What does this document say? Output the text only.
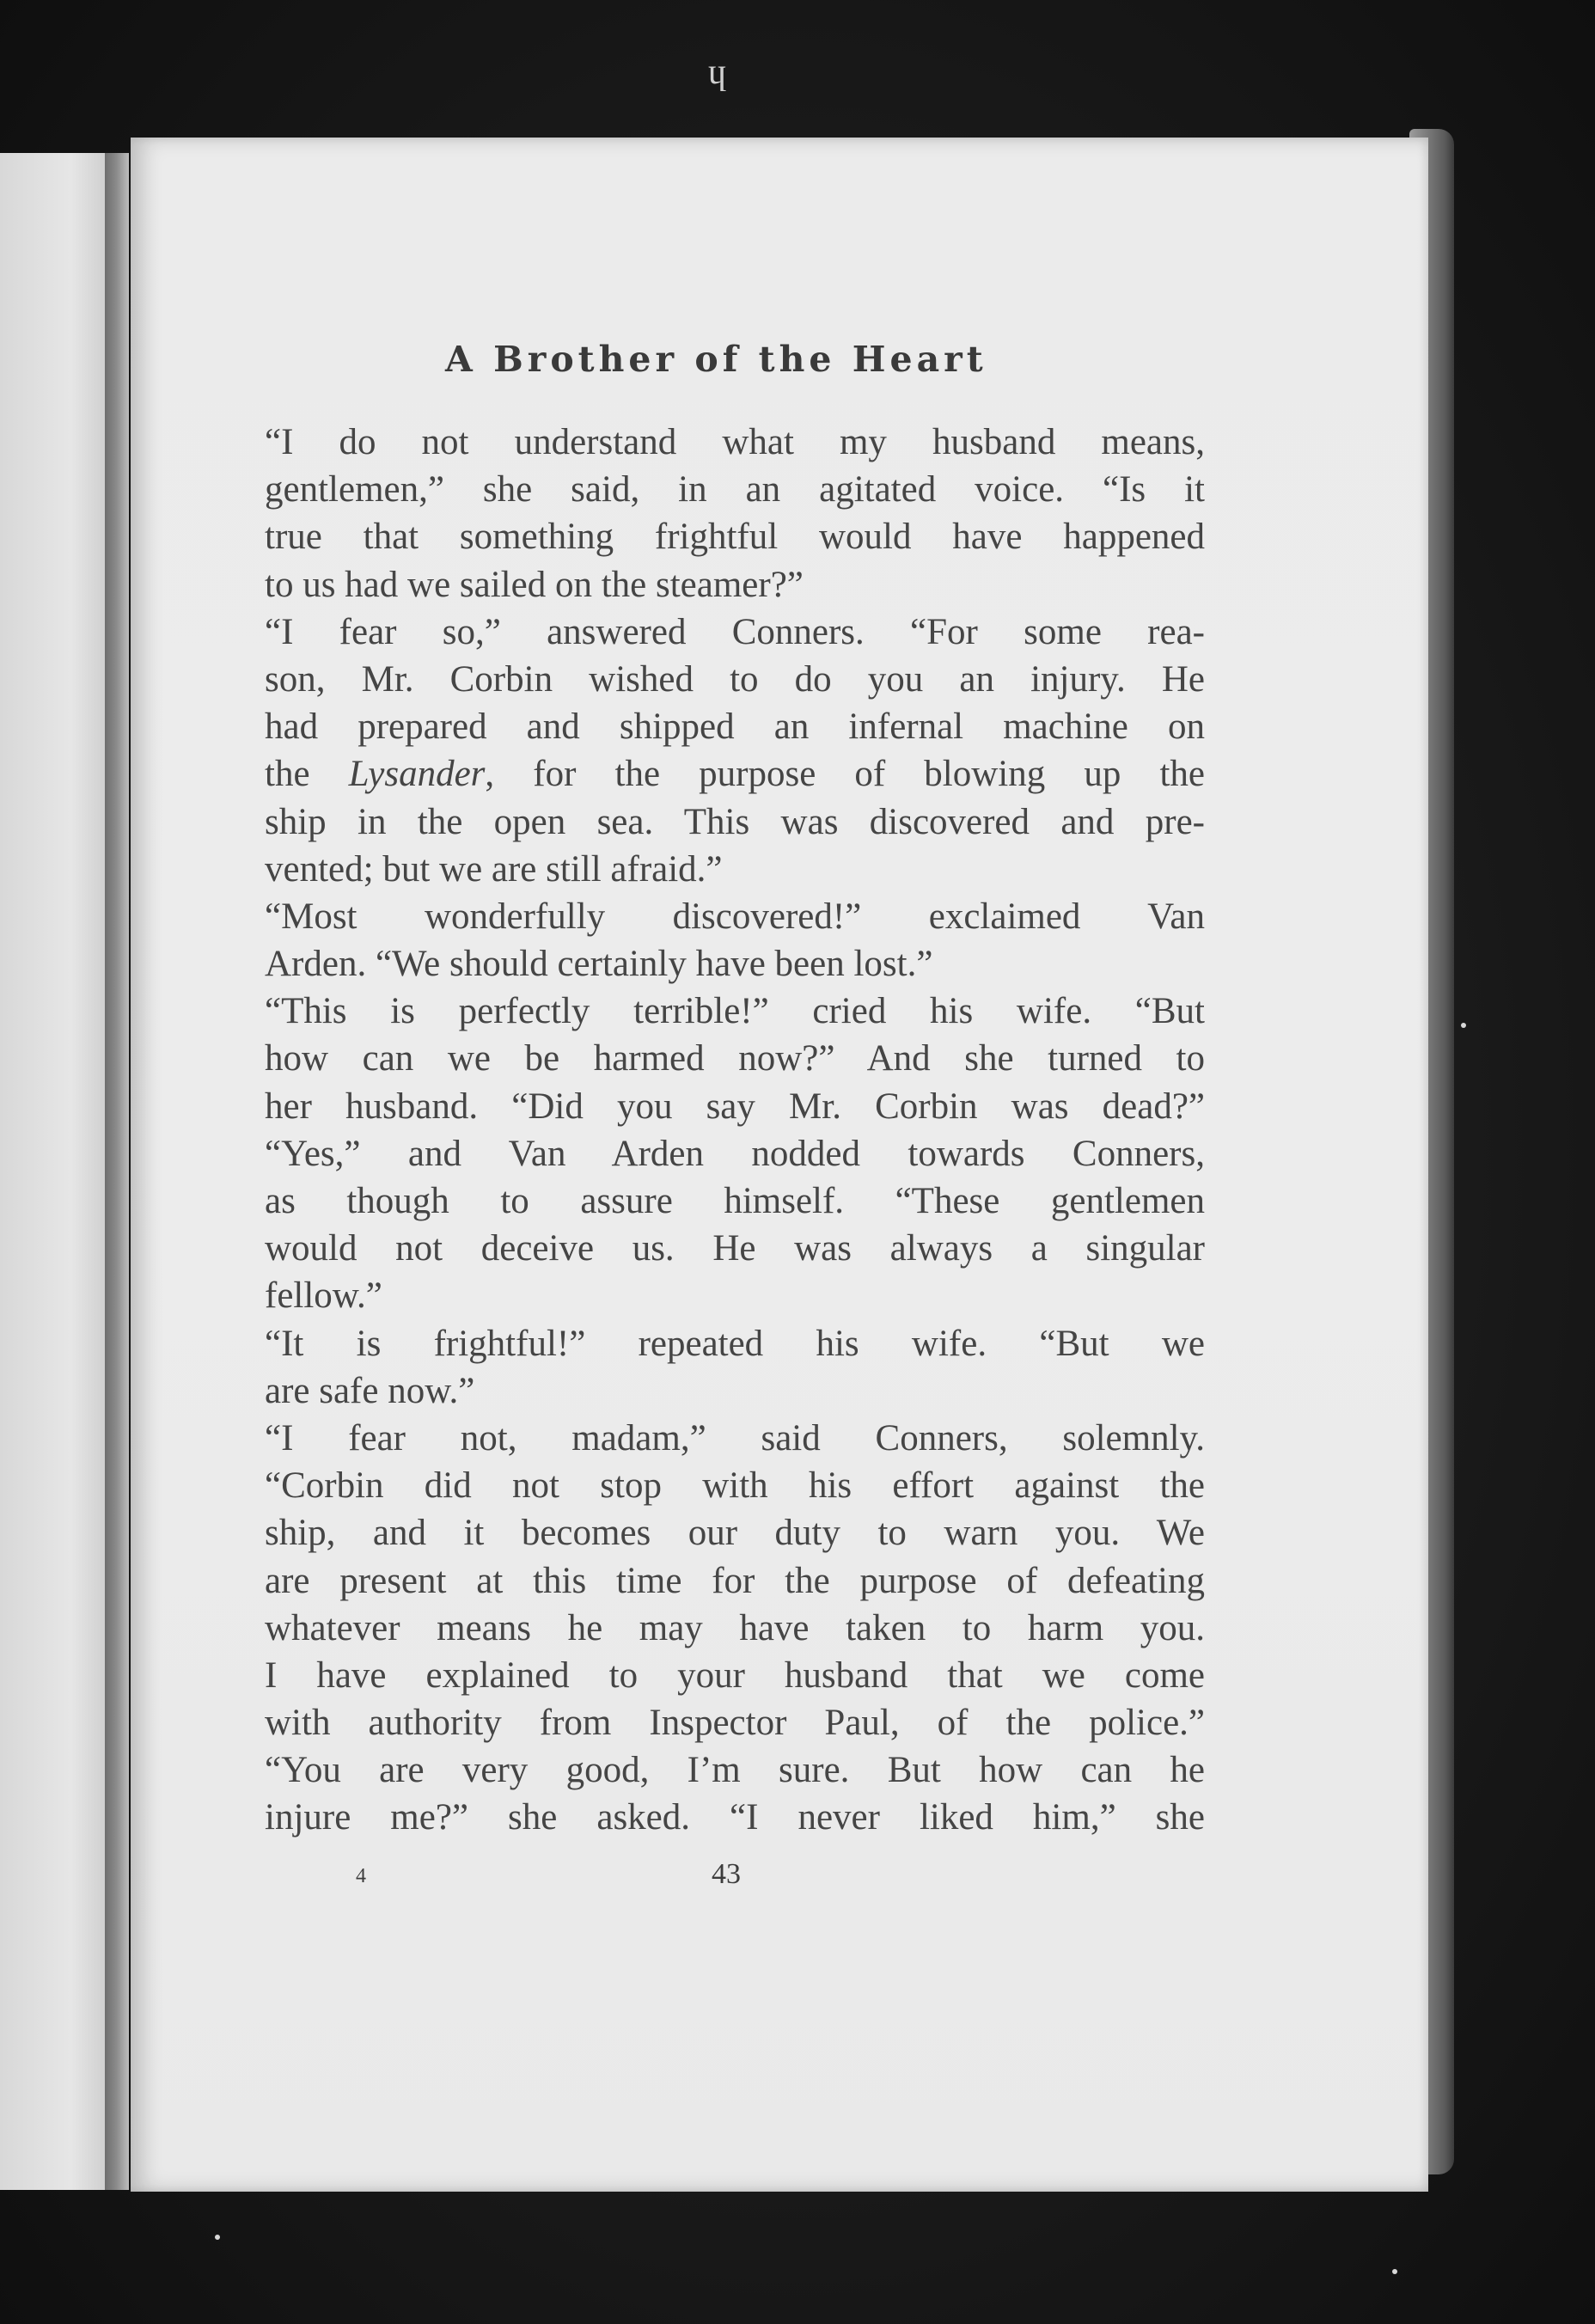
ɥ
A Brother of the Heart
“I do not understand what my husband means,
gentlemen,” she said, in an agitated voice. “Is it
true that something frightful would have happened
to us had we sailed on the steamer?”
“I fear so,” answered Conners. “For some rea-
son, Mr. Corbin wished to do you an injury. He
had prepared and shipped an infernal machine on
the Lysander, for the purpose of blowing up the
ship in the open sea. This was discovered and pre-
vented; but we are still afraid.”
“Most wonderfully discovered!” exclaimed Van
Arden. “We should certainly have been lost.”
“This is perfectly terrible!” cried his wife. “But
how can we be harmed now?” And she turned to
her husband. “Did you say Mr. Corbin was dead?”
“Yes,” and Van Arden nodded towards Conners,
as though to assure himself. “These gentlemen
would not deceive us. He was always a singular
fellow.”
“It is frightful!” repeated his wife. “But we
are safe now.”
“I fear not, madam,” said Conners, solemnly.
“Corbin did not stop with his effort against the
ship, and it becomes our duty to warn you. We
are present at this time for the purpose of defeating
whatever means he may have taken to harm you.
I have explained to your husband that we come
with authority from Inspector Paul, of the police.”
“You are very good, I’m sure. But how can he
injure me?” she asked. “I never liked him,” she
4	43
